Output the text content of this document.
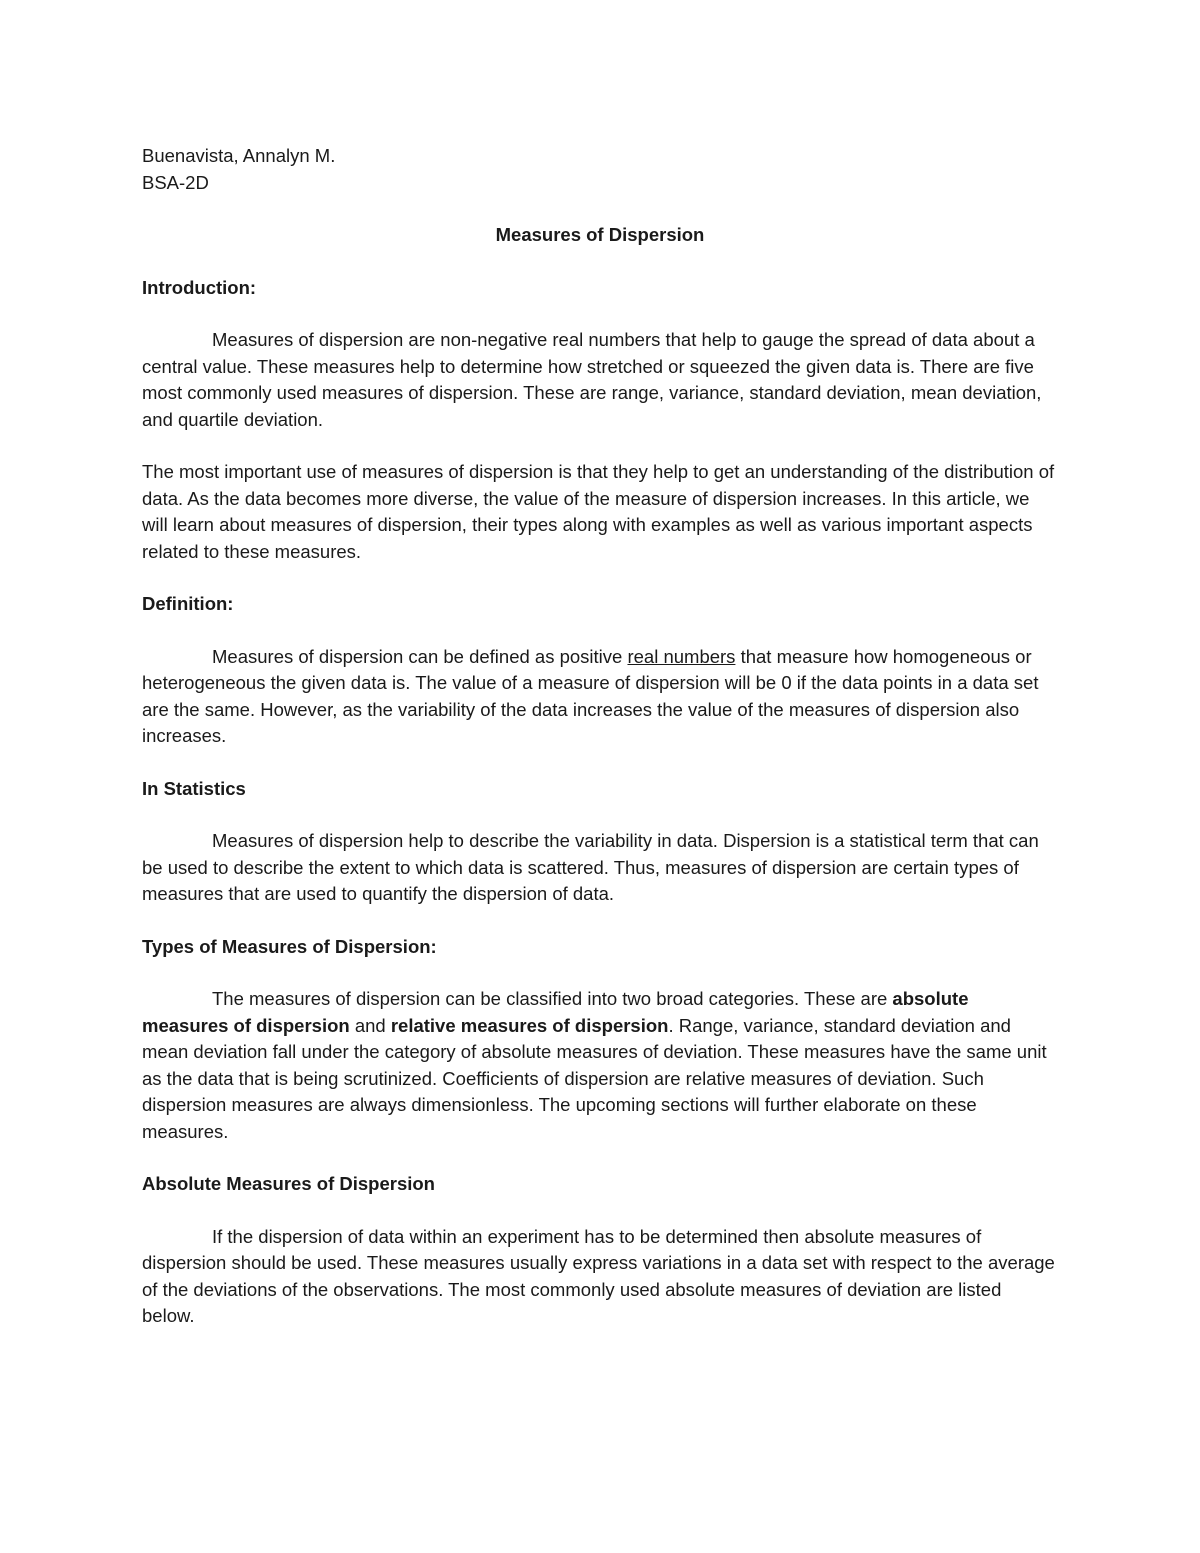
Buenavista, Annalyn M.
BSA-2D
Measures of Dispersion
Introduction:

Measures of dispersion are non-negative real numbers that help to gauge the spread of data about a central value. These measures help to determine how stretched or squeezed the given data is. There are five most commonly used measures of dispersion. These are range, variance, standard deviation, mean deviation, and quartile deviation.

The most important use of measures of dispersion is that they help to get an understanding of the distribution of data. As the data becomes more diverse, the value of the measure of dispersion increases. In this article, we will learn about measures of dispersion, their types along with examples as well as various important aspects related to these measures.

Definition:

Measures of dispersion can be defined as positive real numbers that measure how homogeneous or heterogeneous the given data is. The value of a measure of dispersion will be 0 if the data points in a data set are the same. However, as the variability of the data increases the value of the measures of dispersion also increases.

In Statistics

Measures of dispersion help to describe the variability in data. Dispersion is a statistical term that can be used to describe the extent to which data is scattered. Thus, measures of dispersion are certain types of measures that are used to quantify the dispersion of data.

Types of Measures of Dispersion:

The measures of dispersion can be classified into two broad categories. These are absolute measures of dispersion and relative measures of dispersion. Range, variance, standard deviation and mean deviation fall under the category of absolute measures of deviation. These measures have the same unit as the data that is being scrutinized. Coefficients of dispersion are relative measures of deviation. Such dispersion measures are always dimensionless. The upcoming sections will further elaborate on these measures.

Absolute Measures of Dispersion

If the dispersion of data within an experiment has to be determined then absolute measures of dispersion should be used. These measures usually express variations in a data set with respect to the average of the deviations of the observations. The most commonly used absolute measures of deviation are listed below.
